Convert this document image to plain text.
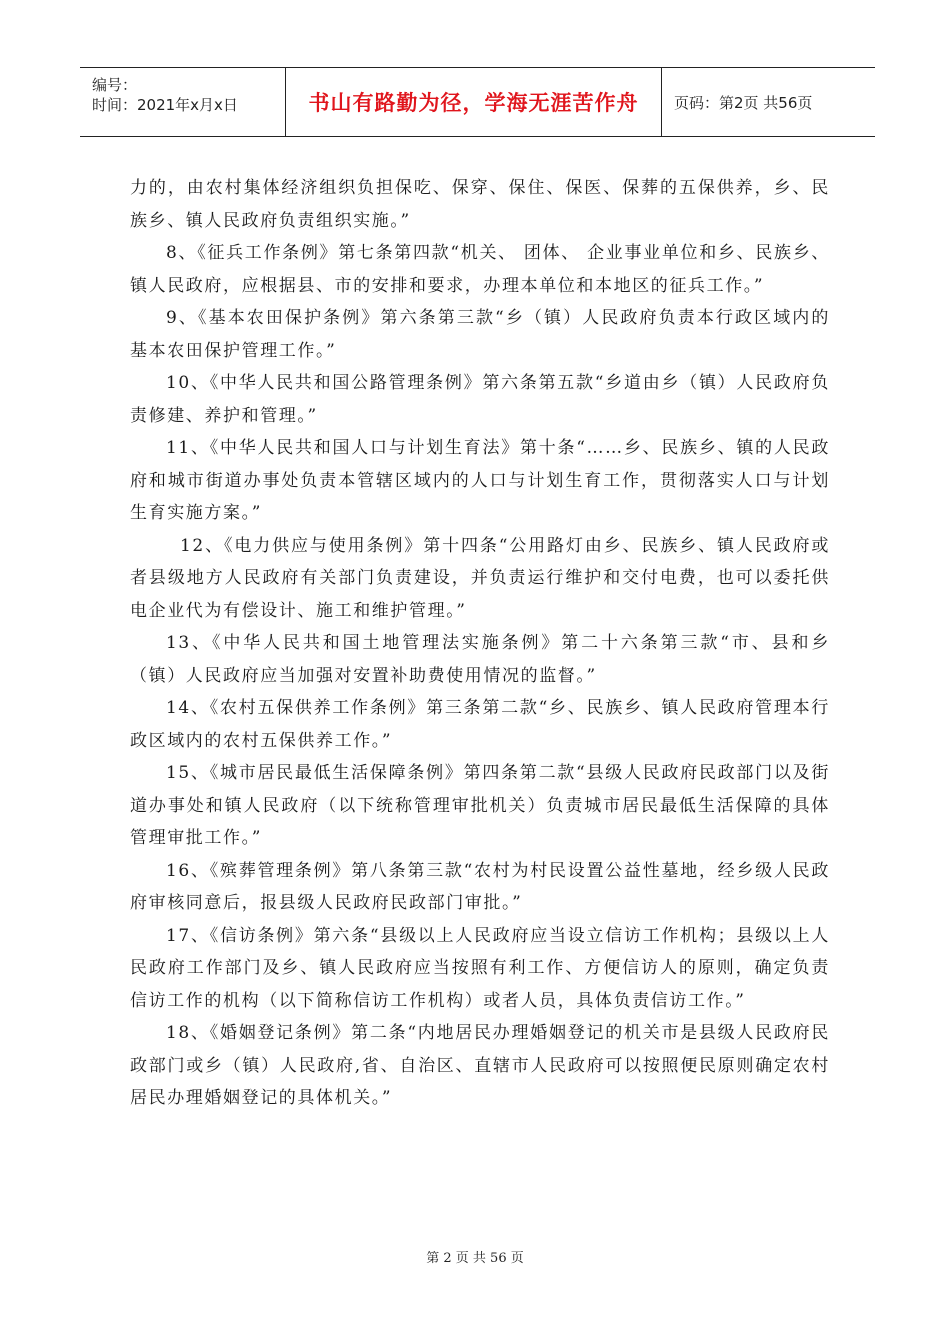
编号：
时间：2021年x月x日	书山有路勤为径，学海无涯苦作舟 页码：第2页 共56页

力的，由农村集体经济组织负担保吃、保穿、保住、保医、保葬的五保供养，乡、民族乡、镇人民政府负责组织实施。”

8、《征兵工作条例》第七条第四款“机关、 团体、 企业事业单位和乡、民族乡、镇人民政府，应根据县、市的安排和要求，办理本单位和本地区的征兵工作。”

9、《基本农田保护条例》第六条第三款“乡（镇）人民政府负责本行政区域内的基本农田保护管理工作。”

10、《中华人民共和国公路管理条例》第六条第五款“乡道由乡（镇）人民政府负责修建、养护和管理。”

11、《中华人民共和国人口与计划生育法》第十条“……乡、民族乡、镇的人民政府和城市街道办事处负责本管辖区域内的人口与计划生育工作，贯彻落实人口与计划生育实施方案。”

12、《电力供应与使用条例》第十四条“公用路灯由乡、民族乡、镇人民政府或者县级地方人民政府有关部门负责建设，并负责运行维护和交付电费，也可以委托供电企业代为有偿设计、施工和维护管理。”

13、《中华人民共和国土地管理法实施条例》第二十六条第三款“市、县和乡（镇）人民政府应当加强对安置补助费使用情况的监督。”

14、《农村五保供养工作条例》第三条第二款“乡、民族乡、镇人民政府管理本行政区域内的农村五保供养工作。”

15、《城市居民最低生活保障条例》第四条第二款“县级人民政府民政部门以及街道办事处和镇人民政府（以下统称管理审批机关）负责城市居民最低生活保障的具体管理审批工作。”

16、《殡葬管理条例》第八条第三款“农村为村民设置公益性墓地，经乡级人民政府审核同意后，报县级人民政府民政部门审批。”

17、《信访条例》第六条“县级以上人民政府应当设立信访工作机构；县级以上人民政府工作部门及乡、镇人民政府应当按照有利工作、方便信访人的原则，确定负责信访工作的机构（以下简称信访工作机构）或者人员，具体负责信访工作。”

18、《婚姻登记条例》第二条“内地居民办理婚姻登记的机关市是县级人民政府民政部门或乡（镇）人民政府,省、自治区、直辖市人民政府可以按照便民原则确定农村居民办理婚姻登记的具体机关。”

第 2 页 共 56 页
